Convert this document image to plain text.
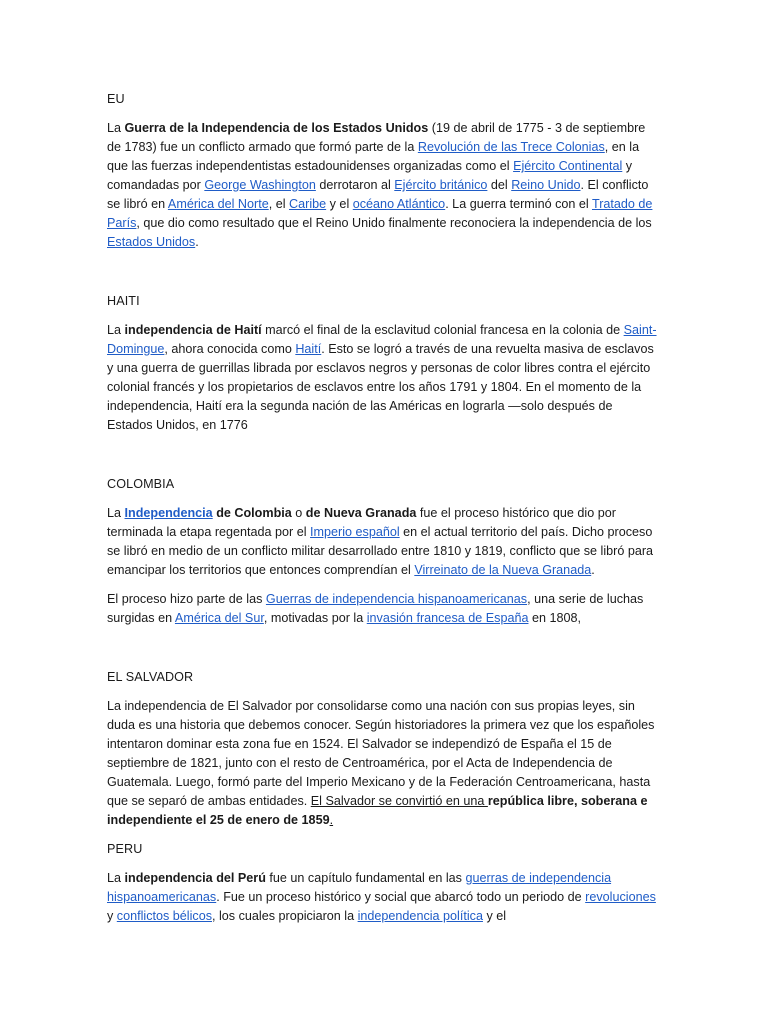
EU

La Guerra de la Independencia de los Estados Unidos (19 de abril de 1775 - 3 de septiembre de 1783) fue un conflicto armado que formó parte de la Revolución de las Trece Colonias, en la que las fuerzas independentistas estadounidenses organizadas como el Ejército Continental y comandadas por George Washington derrotaron al Ejército británico del Reino Unido. El conflicto se libró en América del Norte, el Caribe y el océano Atlántico. La guerra terminó con el Tratado de París, que dio como resultado que el Reino Unido finalmente reconociera la independencia de los Estados Unidos.

HAITI

La independencia de Haití marcó el final de la esclavitud colonial francesa en la colonia de Saint-Domingue, ahora conocida como Haití. Esto se logró a través de una revuelta masiva de esclavos y una guerra de guerrillas librada por esclavos negros y personas de color libres contra el ejército colonial francés y los propietarios de esclavos entre los años 1791 y 1804. En el momento de la independencia, Haití era la segunda nación de las Américas en lograrla —solo después de Estados Unidos, en 1776

COLOMBIA

La Independencia de Colombia o de Nueva Granada fue el proceso histórico que dio por terminada la etapa regentada por el Imperio español en el actual territorio del país. Dicho proceso se libró en medio de un conflicto militar desarrollado entre 1810 y 1819, conflicto que se libró para emancipar los territorios que entonces comprendían el Virreinato de la Nueva Granada.

El proceso hizo parte de las Guerras de independencia hispanoamericanas, una serie de luchas surgidas en América del Sur, motivadas por la invasión francesa de España en 1808,

EL SALVADOR

La independencia de El Salvador por consolidarse como una nación con sus propias leyes, sin duda es una historia que debemos conocer. Según historiadores la primera vez que los españoles intentaron dominar esta zona fue en 1524. El Salvador se independizó de España el 15 de septiembre de 1821, junto con el resto de Centroamérica, por el Acta de Independencia de Guatemala. Luego, formó parte del Imperio Mexicano y de la Federación Centroamericana, hasta que se separó de ambas entidades. El Salvador se convirtió en una república libre, soberana e independiente el 25 de enero de 1859.

PERU

La independencia del Perú fue un capítulo fundamental en las guerras de independencia hispanoamericanas. Fue un proceso histórico y social que abarcó todo un periodo de revoluciones y conflictos bélicos, los cuales propiciaron la independencia política y el
